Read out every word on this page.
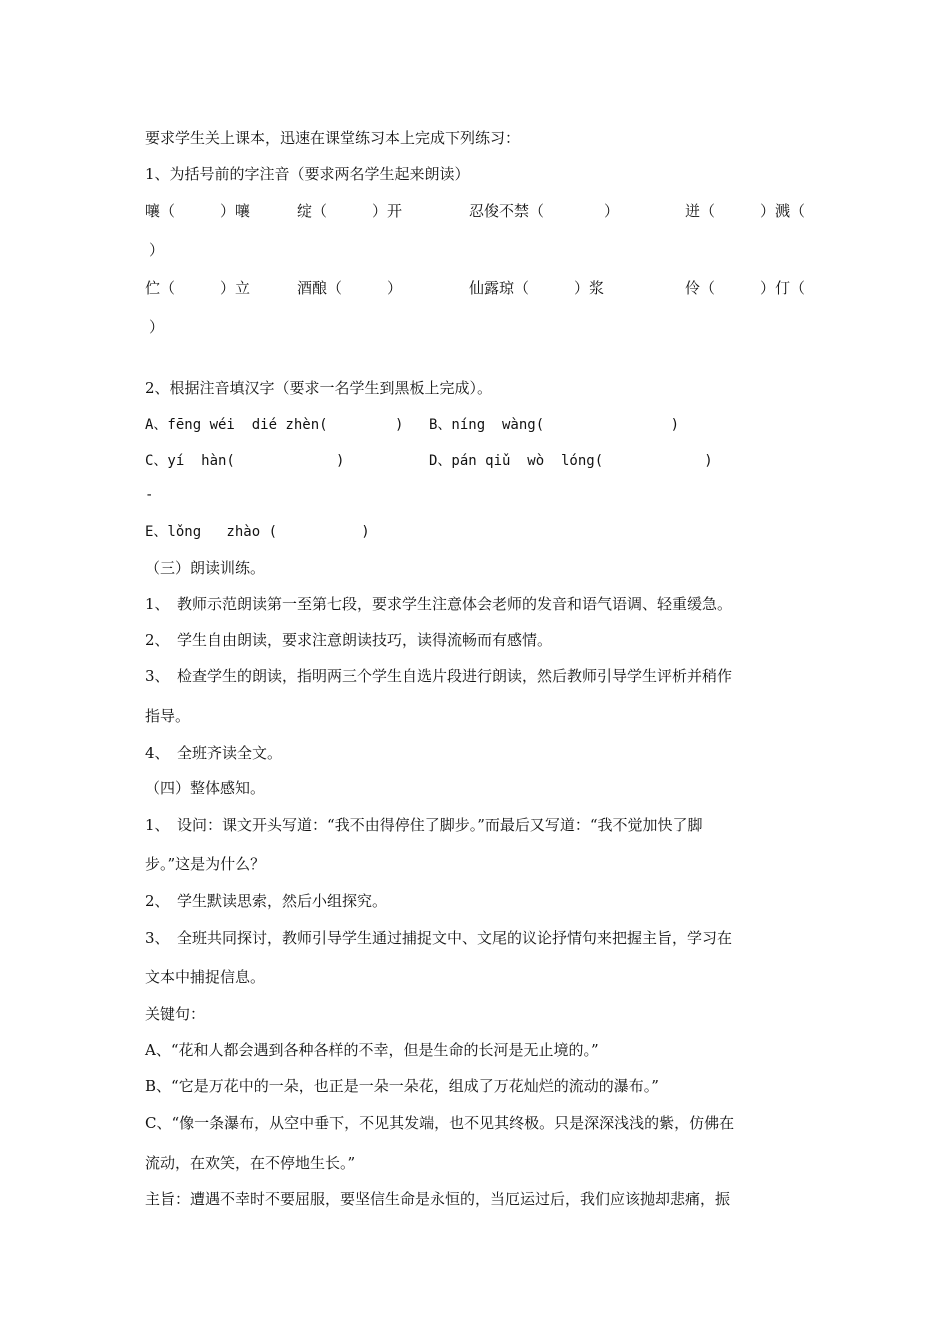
要求学生关上课本，迅速在课堂练习本上完成下列练习：
1、为括号前的字注音（要求两名学生起来朗读）
嚷（　　　）嚷	绽（　　　）开	忍俊不禁（　　　　）	迸（　　　）溅（
）
伫（　　　）立	酒酿（　　　）	仙露琼（　　　）浆	伶（　　　）仃（
）
2、根据注音填汉字（要求一名学生到黑板上完成）。
A、fēng wéi  dié zhèn(        ) B、níng  wàng(               )
C、yí  hàn(            )	D、pán qiǔ  wò  lóng(            )
-
E、lǒng   zhào (          )
（三）朗读训练。
1、　教师示范朗读第一至第七段，要求学生注意体会老师的发音和语气语调、轻重缓急。
2、　学生自由朗读，要求注意朗读技巧，读得流畅而有感情。
3、　检查学生的朗读，指明两三个学生自选片段进行朗读，然后教师引导学生评析并稍作
指导。
4、　全班齐读全文。
（四）整体感知。
1、　设问：课文开头写道：“我不由得停住了脚步。”而最后又写道：“我不觉加快了脚
步。”这是为什么？
2、　学生默读思索，然后小组探究。
3、　全班共同探讨，教师引导学生通过捕捉文中、文尾的议论抒情句来把握主旨，学习在
文本中捕捉信息。
关键句：
A、“花和人都会遇到各种各样的不幸，但是生命的长河是无止境的。”
B、“它是万花中的一朵，也正是一朵一朵花，组成了万花灿烂的流动的瀑布。”
C、“像一条瀑布，从空中垂下，不见其发端，也不见其终极。只是深深浅浅的紫，仿佛在
流动，在欢笑，在不停地生长。”
主旨：遭遇不幸时不要屈服，要坚信生命是永恒的，当厄运过后，我们应该抛却悲痛，振
